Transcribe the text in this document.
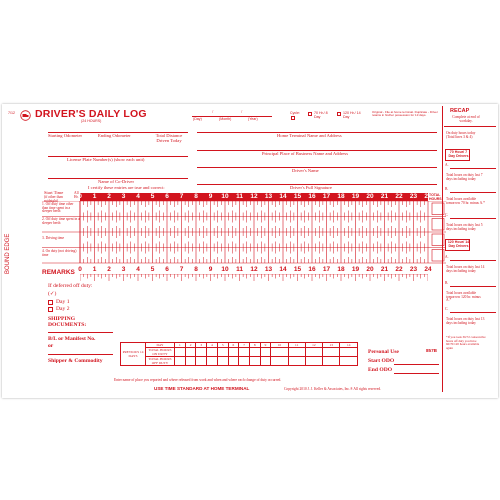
7/12 DRIVER'S DAILY LOG
(24 HOURS)	(Day)	(Month)	(Year)
/	/	Cycle:	70 Hr./ 8 Day
120 Hr./ 14 Day
Original - File at home terminal. Duplicate - Driver retains in his/her possession for 13 days.
Starting Odometer	Ending Odometer	Total Distance Driven Today
Home Terminal Name and Address
License Plate Number(s) (show each unit)
Principal Place of Business Name and Address
Driver's Name
Name of Co-Driver
I certify these entries are true and correct:	Driver's Full Signature
Start Time
(if other than midnight)
All Hr. 0	1	2	3	4	5	6	7	8	9	10 11 12 13 14 15 16 17 18 19 20 21 22 23 24
TOTAL HOURS
1. Off duty time other than time spent in a sleeper berth
2. Off duty time spent in a sleeper berth
3. Driving time
4. On duty (not driving) time
BOUND EDGE	REMARKS 0	1	2	3	4	5	6	7	8	9	10 11 12 13 14 15 16 17 18 19 20 21 22 23 24
If deferred off duty:
(✓)
Day 1
Day 2
SHIPPING DOCUMENTS:
B/L or Manifest No. or
Shipper & Commodity
PREVIOUS 14 DAYS	DAY	1	2	3	4	5	6	7	8	9	10	11	12	13	14
	TOTAL HOURS ON DUTY														
	TOTAL HOURS OFF DUTY														
Personal Use	857B
Start ODO
End ODO
Enter name of place you reported and where released from work and when and where each change of duty occurred.
USE TIME STANDARD AT HOME TERMINAL	Copyright 2010 J. J. Keller & Associates, Inc.® All rights reserved.
RECAP
Complete at end of workday.
On duty hours today (Total lines 3 & 4)
70 Hour/ 7 Day Drivers
A.
Total hours on duty last 7 days including today
B.
Total hours available tomorrow 70 hr. minus A.*
C.
Total hours on duty last 5 days including today
120 Hour/ 14 Day Drivers
A.
Total hours on duty last 14 days including today
B.
Total hours available tomorrow 120 hr. minus A.*
C.
Total hours on duty last 13 days including today
*If you took 36/72 consecutive hours off duty you have 60/70/120 hours available again
